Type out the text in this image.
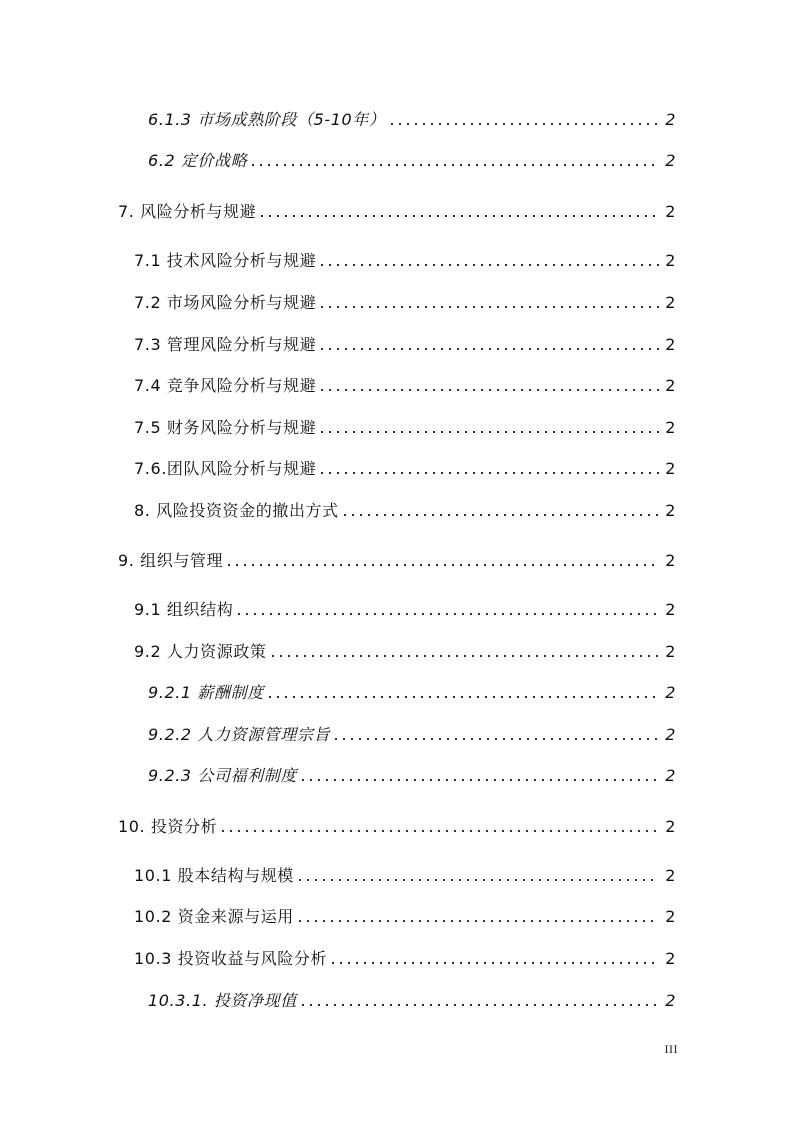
6.1.3 市场成熟阶段（5-10年）	2
6.2 定价战略	2
7. 风险分析与规避	2
7.1 技术风险分析与规避	2
7.2 市场风险分析与规避	2
7.3 管理风险分析与规避	2
7.4 竞争风险分析与规避	2
7.5 财务风险分析与规避	2
7.6.团队风险分析与规避	2
8. 风险投资资金的撤出方式	2
9. 组织与管理	2
9.1 组织结构	2
9.2 人力资源政策	2
9.2.1 薪酬制度	2
9.2.2 人力资源管理宗旨	2
9.2.3 公司福利制度	2
10. 投资分析	2
10.1 股本结构与规模	2
10.2 资金来源与运用	2
10.3 投资收益与风险分析	2
10.3.1. 投资净现值	2
III
